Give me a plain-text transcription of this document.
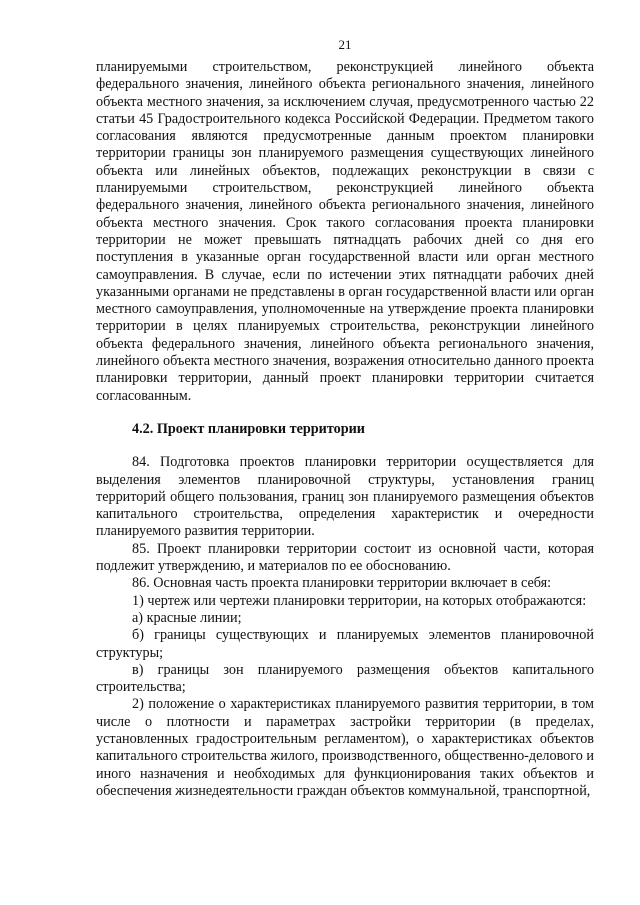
21

планируемыми строительством, реконструкцией линейного объекта федерального значения, линейного объекта регионального значения, линейного объекта местного значения, за исключением случая, предусмотренного частью 22 статьи 45 Градостроительного кодекса Российской Федерации. Предметом такого согласования являются предусмотренные данным проектом планировки территории границы зон планируемого размещения существующих линейного объекта или линейных объектов, подлежащих реконструкции в связи с планируемыми строительством, реконструкцией линейного объекта федерального значения, линейного объекта регионального значения, линейного объекта местного значения. Срок такого согласования проекта планировки территории не может превышать пятнадцать рабочих дней со дня его поступления в указанные орган государственной власти или орган местного самоуправления. В случае, если по истечении этих пятнадцати рабочих дней указанными органами не представлены в орган государственной власти или орган местного самоуправления, уполномоченные на утверждение проекта планировки территории в целях планируемых строительства, реконструкции линейного объекта федерального значения, линейного объекта регионального значения, линейного объекта местного значения, возражения относительно данного проекта планировки территории, данный проект планировки территории считается согласованным.

4.2. Проект планировки территории

84. Подготовка проектов планировки территории осуществляется для выделения элементов планировочной структуры, установления границ территорий общего пользования, границ зон планируемого размещения объектов капитального строительства, определения характеристик и очередности планируемого развития территории.

85. Проект планировки территории состоит из основной части, которая подлежит утверждению, и материалов по ее обоснованию.

86. Основная часть проекта планировки территории включает в себя:

1) чертеж или чертежи планировки территории, на которых отображаются:

а) красные линии;

б) границы существующих и планируемых элементов планировочной структуры;

в) границы зон планируемого размещения объектов капитального строительства;

2) положение о характеристиках планируемого развития территории, в том числе о плотности и параметрах застройки территории (в пределах, установленных градостроительным регламентом), о характеристиках объектов капитального строительства жилого, производственного, общественно-делового и иного назначения и необходимых для функционирования таких объектов и обеспечения жизнедеятельности граждан объектов коммунальной, транспортной,
